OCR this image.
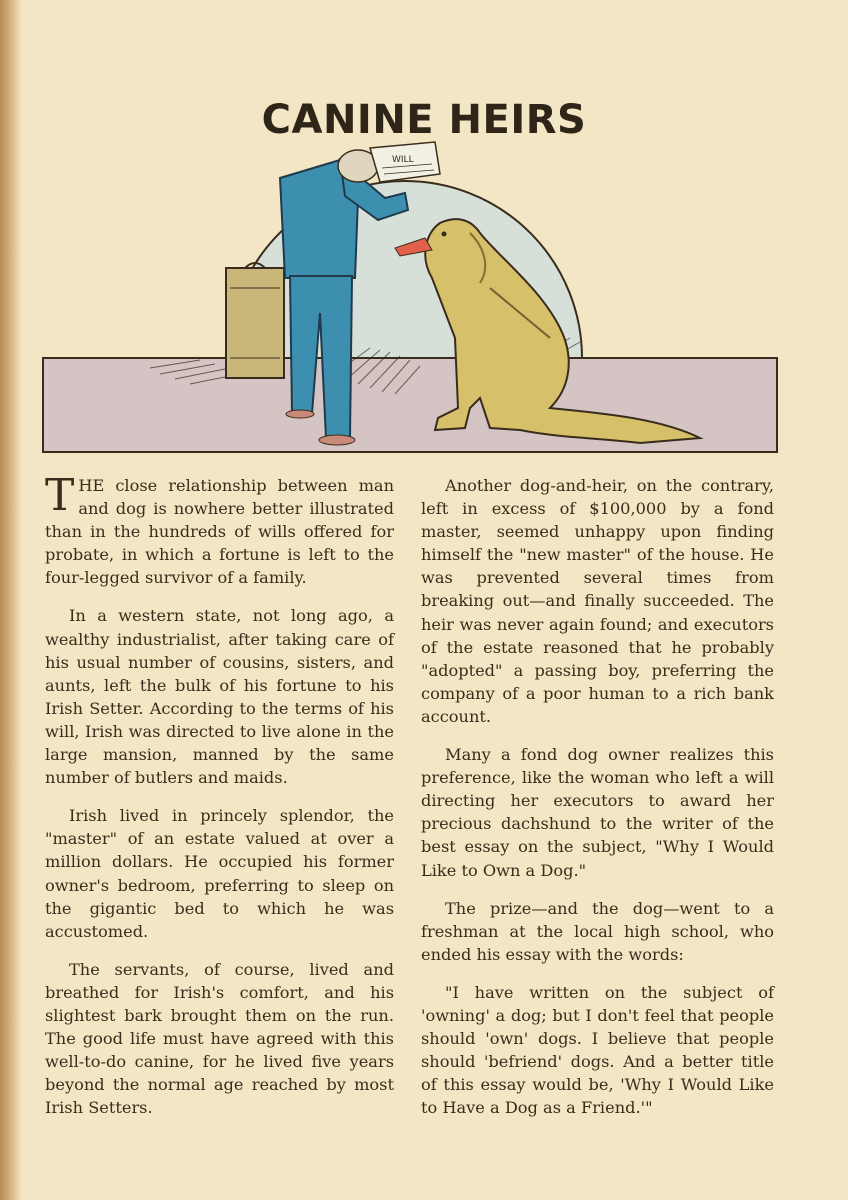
CANINE HEIRS
WILL

THE close relationship between man and dog is nowhere better illustrated than in the hundreds of wills offered for probate, in which a fortune is left to the four-legged survivor of a family.

In a western state, not long ago, a wealthy industrialist, after taking care of his usual number of cousins, sisters, and aunts, left the bulk of his fortune to his Irish Setter. According to the terms of his will, Irish was directed to live alone in the large mansion, manned by the same number of butlers and maids.

Irish lived in princely splendor, the "master" of an estate valued at over a million dollars. He occupied his former owner's bedroom, preferring to sleep on the gigantic bed to which he was accustomed.

The servants, of course, lived and breathed for Irish's comfort, and his slightest bark brought them on the run. The good life must have agreed with this well-to-do canine, for he lived five years beyond the normal age reached by most Irish Setters.

Another dog-and-heir, on the contrary, left in excess of $100,000 by a fond master, seemed unhappy upon finding himself the "new master" of the house. He was prevented several times from breaking out—and finally succeeded. The heir was never again found; and executors of the estate reasoned that he probably "adopted" a passing boy, preferring the company of a poor human to a rich bank account.

Many a fond dog owner realizes this preference, like the woman who left a will directing her executors to award her precious dachshund to the writer of the best essay on the subject, "Why I Would Like to Own a Dog."

The prize—and the dog—went to a freshman at the local high school, who ended his essay with the words:

"I have written on the subject of 'owning' a dog; but I don't feel that people should 'own' dogs. I believe that people should 'befriend' dogs. And a better title of this essay would be, 'Why I Would Like to Have a Dog as a Friend.'"
